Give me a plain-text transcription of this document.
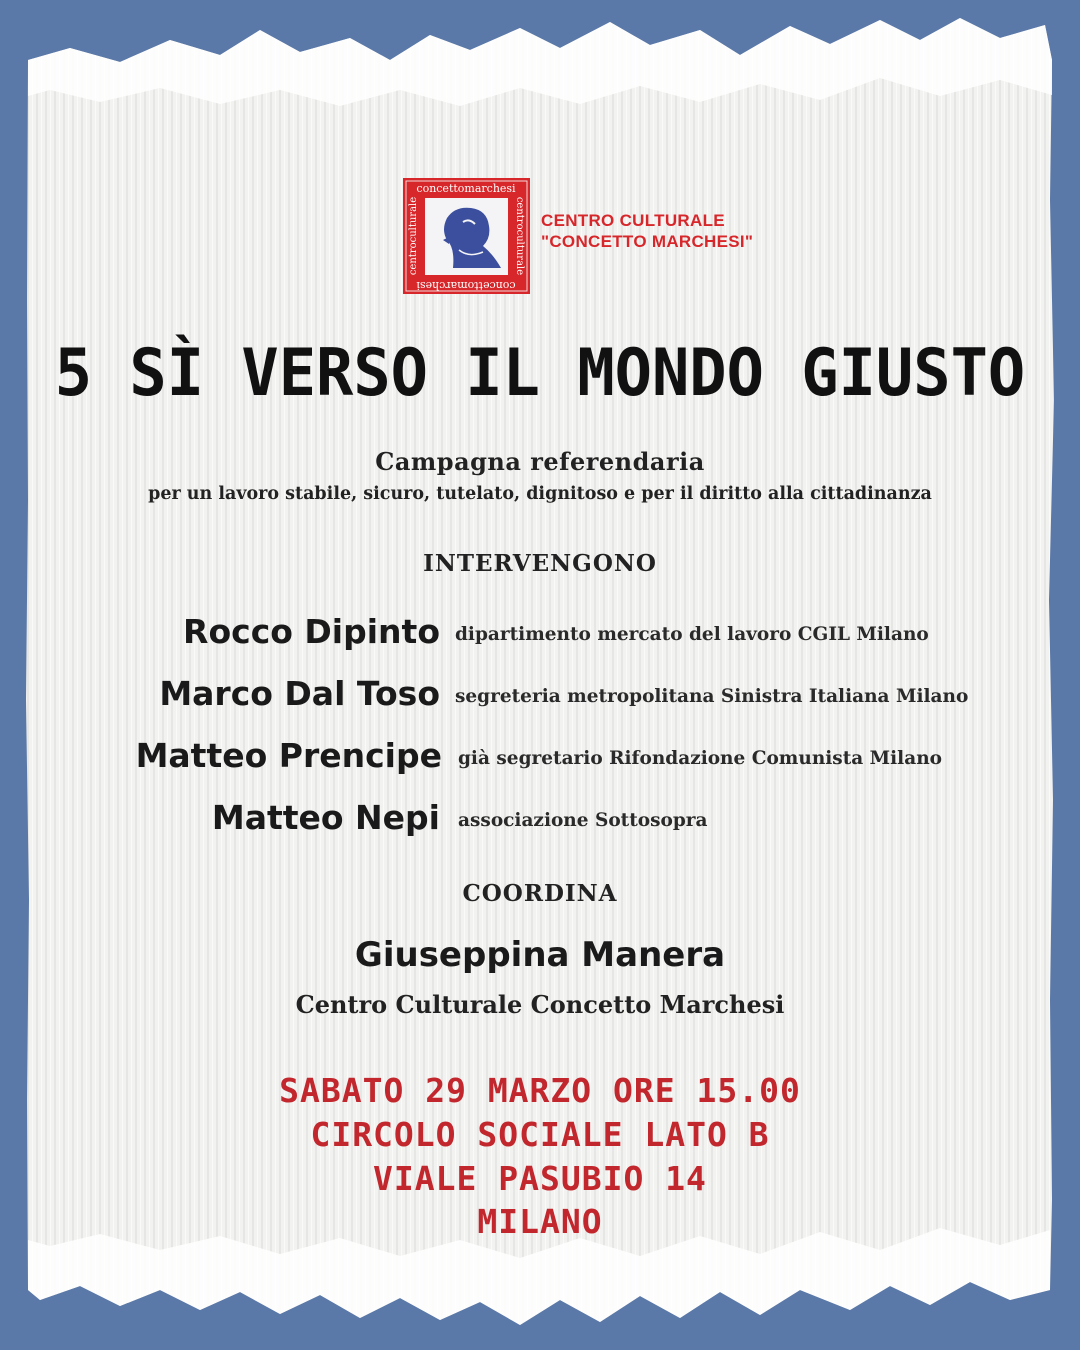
concettomarchesi
concettomarchesi
centroculturale	centroculturale CENTRO CULTURALE
"CONCETTO MARCHESI"
5 SÌ VERSO IL MONDO GIUSTO
Campagna referendaria
per un lavoro stabile, sicuro, tutelato, dignitoso e per il diritto alla cittadinanza
INTERVENGONO
Rocco Dipinto dipartimento mercato del lavoro CGIL Milano
Marco Dal Toso segreteria metropolitana Sinistra Italiana Milano
Matteo Prencipe già segretario Rifondazione Comunista Milano
Matteo Nepi associazione Sottosopra
COORDINA
Giuseppina Manera
Centro Culturale Concetto Marchesi
SABATO 29 MARZO ORE 15.00
CIRCOLO SOCIALE LATO B
VIALE PASUBIO 14
MILANO
